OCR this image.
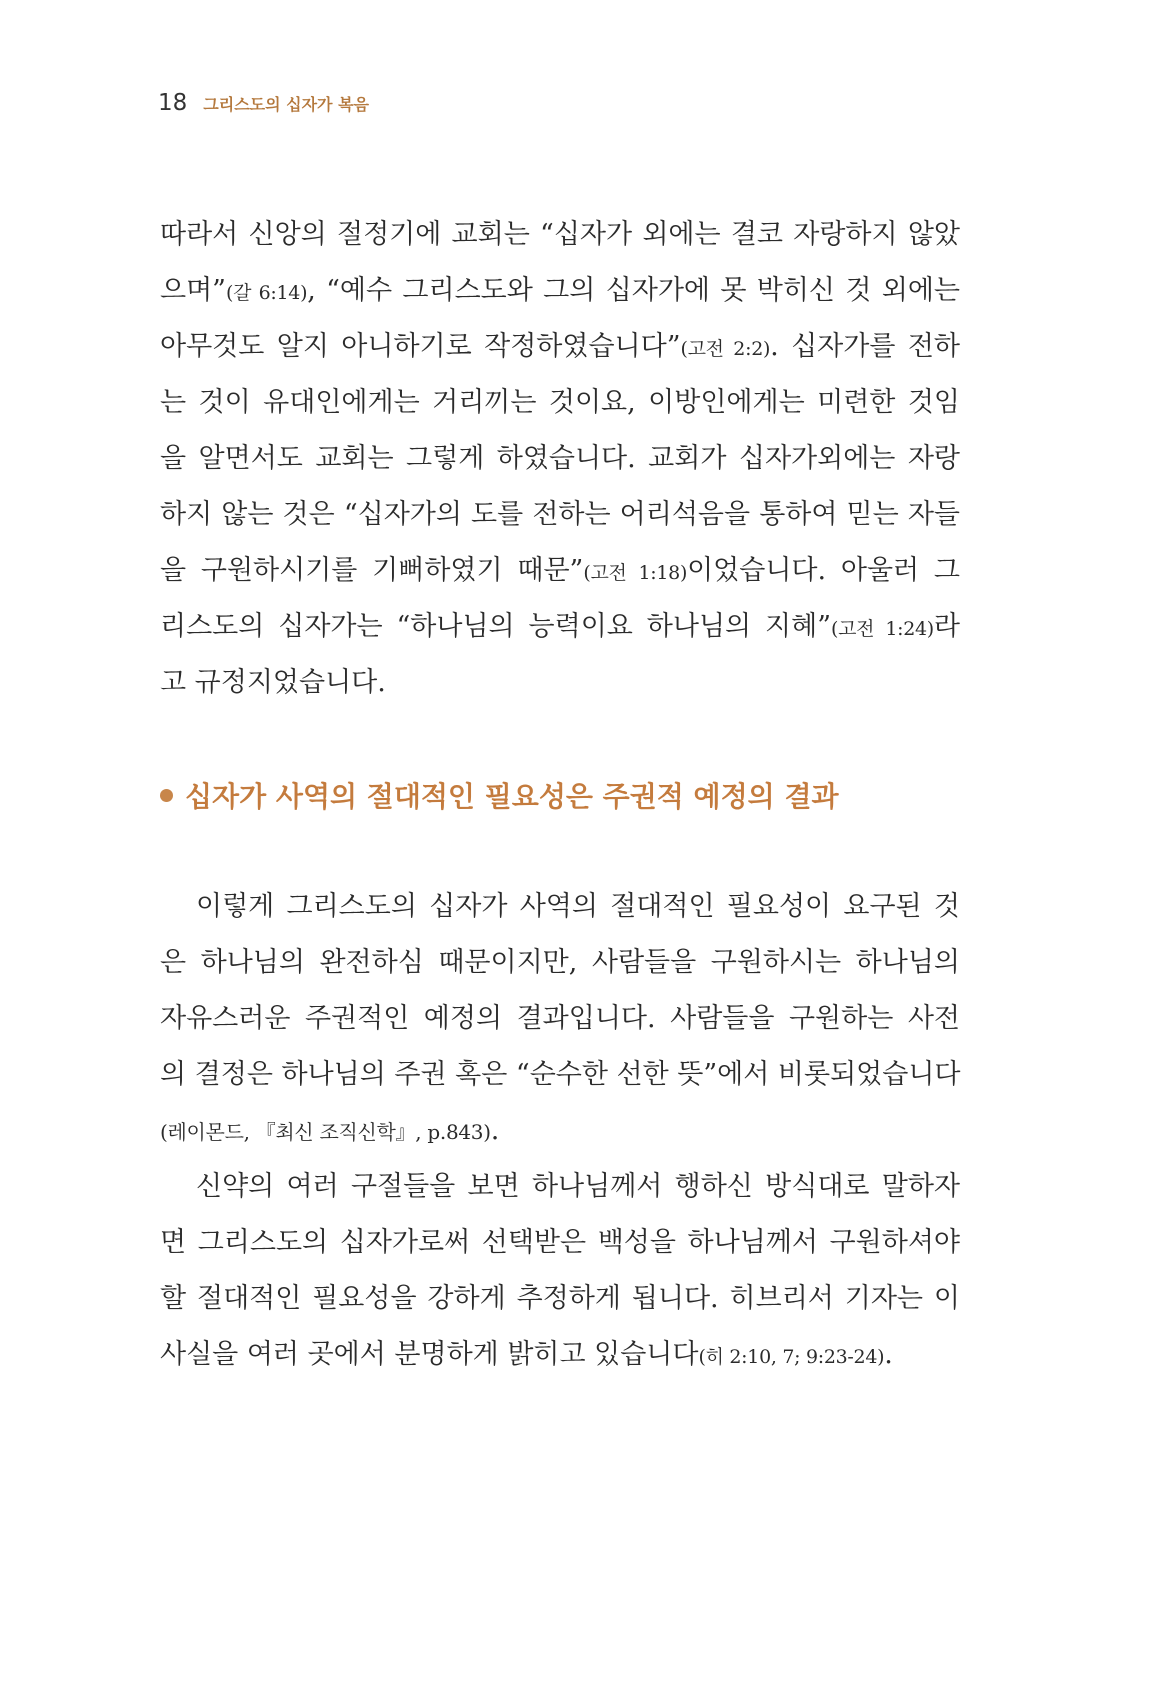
18 그리스도의 십자가 복음
따라서 신앙의 절정기에 교회는 “십자가 외에는 결코 자랑하지 않았
으며”(갈 6:14), “예수 그리스도와 그의 십자가에 못 박히신 것 외에는
아무것도 알지 아니하기로 작정하였습니다”(고전 2:2). 십자가를 전하
는 것이 유대인에게는 거리끼는 것이요, 이방인에게는 미련한 것임
을 알면서도 교회는 그렇게 하였습니다. 교회가 십자가외에는 자랑
하지 않는 것은 “십자가의 도를 전하는 어리석음을 통하여 믿는 자들
을 구원하시기를 기뻐하였기 때문”(고전 1:18)이었습니다. 아울러 그
리스도의 십자가는 “하나님의 능력이요 하나님의 지혜”(고전 1:24)라
고 규정지었습니다.
십자가 사역의 절대적인 필요성은 주권적 예정의 결과
이렇게 그리스도의 십자가 사역의 절대적인 필요성이 요구된 것
은 하나님의 완전하심 때문이지만, 사람들을 구원하시는 하나님의
자유스러운 주권적인 예정의 결과입니다. 사람들을 구원하는 사전
의 결정은 하나님의 주권 혹은 “순수한 선한 뜻”에서 비롯되었습니다
(레이몬드, 『최신 조직신학』, p.843).
신약의 여러 구절들을 보면 하나님께서 행하신 방식대로 말하자
면 그리스도의 십자가로써 선택받은 백성을 하나님께서 구원하셔야
할 절대적인 필요성을 강하게 추정하게 됩니다. 히브리서 기자는 이
사실을 여러 곳에서 분명하게 밝히고 있습니다(히 2:10, 7; 9:23-24).
